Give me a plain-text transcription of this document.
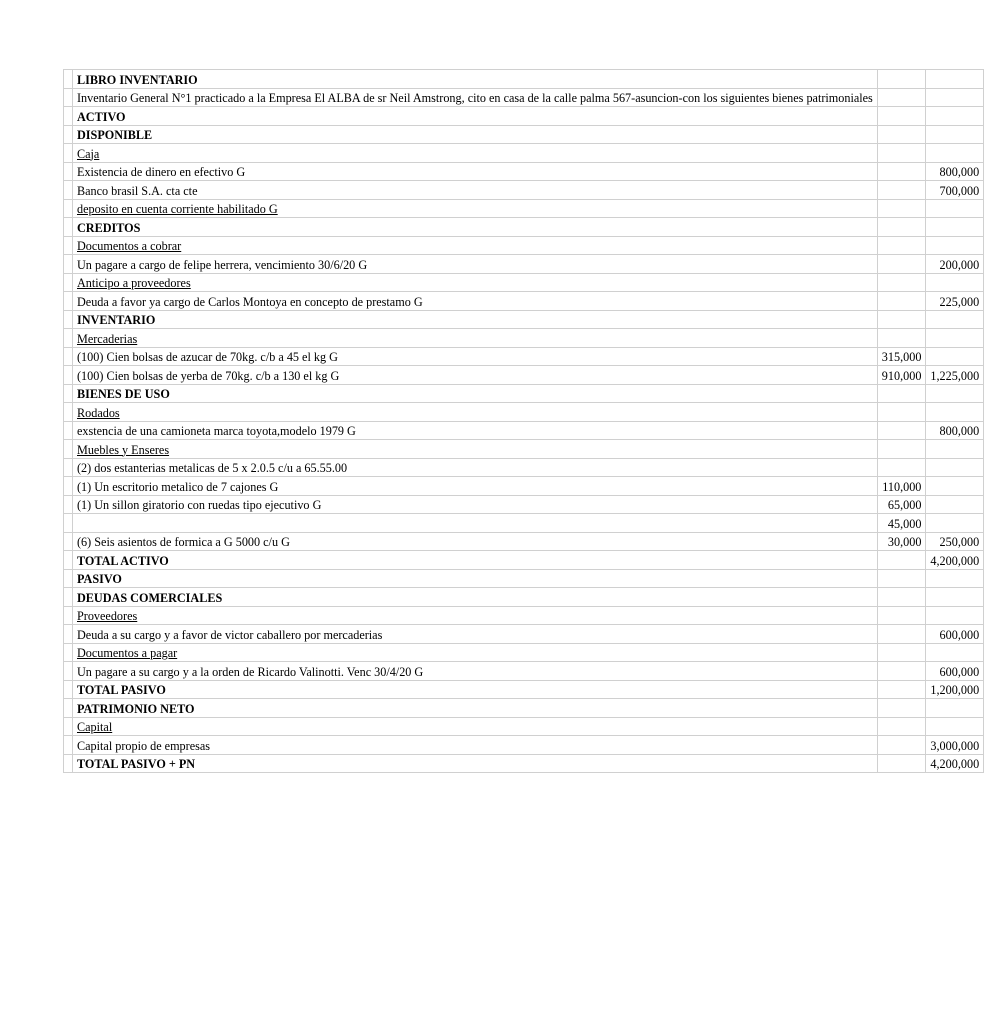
	LIBRO INVENTARIO		
	Inventario General N°1 practicado a la Empresa El ALBA de sr Neil Amstrong, cito en casa de la calle palma 567-asuncion-con los siguientes bienes patrimoniales		
	ACTIVO		
	DISPONIBLE		
	Caja		
	Existencia de dinero en efectivo G		800,000
	Banco brasil S.A. cta cte		700,000
	deposito en cuenta corriente habilitado G		
	CREDITOS		
	Documentos a cobrar		
	Un pagare a cargo de felipe herrera, vencimiento 30/6/20 G		200,000
	Anticipo a proveedores		
	Deuda a favor ya cargo de Carlos Montoya en concepto de prestamo G		225,000
	INVENTARIO		
	Mercaderias		
	(100) Cien bolsas de azucar de 70kg. c/b a 45 el kg G	315,000	
	(100) Cien bolsas de yerba de 70kg. c/b a 130 el kg G	910,000	1,225,000
	BIENES DE USO		
	Rodados		
	exstencia de una camioneta marca toyota,modelo 1979 G		800,000
	Muebles y Enseres		
	(2) dos estanterias metalicas de 5 x 2.0.5 c/u a 65.55.00		
	(1) Un escritorio metalico de 7 cajones G	110,000	
	(1) Un sillon giratorio con ruedas tipo ejecutivo G	65,000	
		45,000	
	(6) Seis asientos de formica a G 5000 c/u G	30,000	250,000
	TOTAL ACTIVO		4,200,000
	PASIVO		
	DEUDAS COMERCIALES		
	Proveedores		
	Deuda a su cargo y a favor de victor caballero por mercaderias		600,000
	Documentos a pagar		
	Un pagare a su cargo y a la orden de Ricardo Valinotti. Venc 30/4/20 G		600,000
	TOTAL PASIVO		1,200,000
	PATRIMONIO NETO		
	Capital		
	Capital propio de empresas		3,000,000
	TOTAL PASIVO + PN		4,200,000
